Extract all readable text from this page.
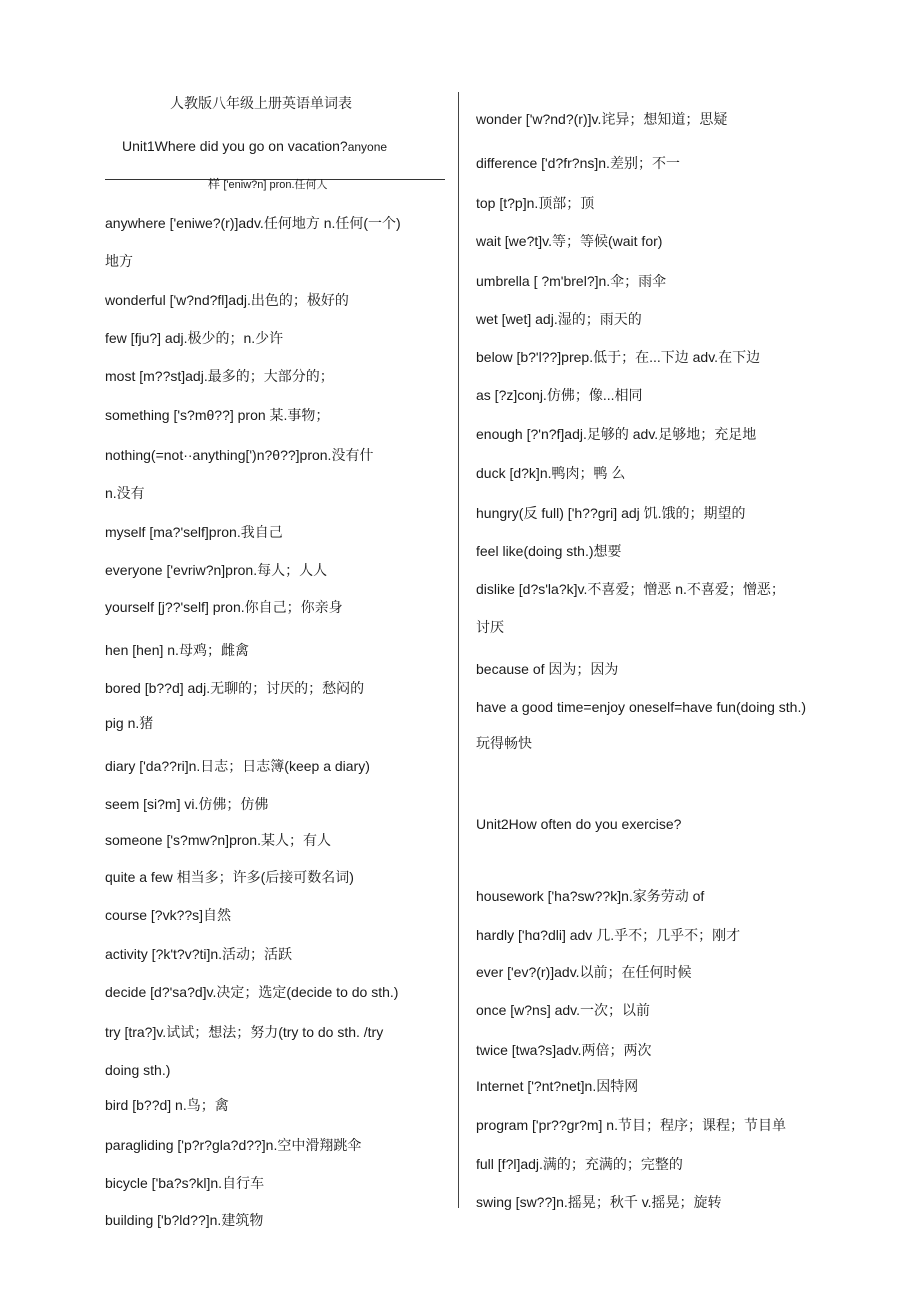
人教版八年级上册英语单词表
Unit1Where did you go on vacation?anyone
样 ['eniw?n] pron.任何人
anywhere ['eniwe?(r)]adv.任何地方 n.任何(一个)
地方
wonderful ['w?nd?fl]adj.出色的；极好的
few [fju?] adj.极少的；n.少许
most [m??st]adj.最多的；大部分的；
something ['s?mθ??] pron 某.事物；
nothing(=not··anything[')n?θ??]pron.没有什
n.没有
myself [ma?'self]pron.我自己
everyone ['evriw?n]pron.每人；人人
yourself [j??'self] pron.你自己；你亲身
hen [hen] n.母鸡；雌禽
bored [b??d] adj.无聊的；讨厌的；愁闷的
pig n.猪
diary ['da??ri]n.日志；日志簿(keep a diary)
seem [si?m] vi.仿佛；仿佛
someone ['s?mw?n]pron.某人；有人
quite a few 相当多；许多(后接可数名词)
course [?vk??s]自然
activity [?k't?v?ti]n.活动；活跃
decide [d?'sa?d]v.决定；选定(decide to do sth.)
try [tra?]v.试试；想法；努力(try to do sth. /try
doing sth.)
bird [b??d] n.鸟；禽
paragliding ['p?r?gla?d??]n.空中滑翔跳伞
bicycle ['ba?s?kl]n.自行车
building ['b?ld??]n.建筑物
wonder ['w?nd?(r)]v.诧异；想知道；思疑
difference ['d?fr?ns]n.差别；不一
top [t?p]n.顶部；顶
wait [we?t]v.等；等候(wait for)
umbrella [ ?m'brel?]n.伞；雨伞
wet [wet] adj.湿的；雨天的
below [b?'l??]prep.低于；在...下边 adv.在下边
as [?z]conj.仿佛；像...相同
enough [?'n?f]adj.足够的 adv.足够地；充足地
duck [d?k]n.鸭肉；鸭 么
hungry(反 full) ['h??gri] adj 饥.饿的；期望的
feel like(doing sth.)想要
dislike [d?s'la?k]v.不喜爱；憎恶 n.不喜爱；憎恶；
讨厌
because of 因为；因为
have a good time=enjoy oneself=have fun(doing sth.)
玩得畅快
Unit2How often do you exercise?
housework ['ha?sw??k]n.家务劳动 of
hardly ['hɑ?dli] adv 几.乎不；几乎不；刚才
ever ['ev?(r)]adv.以前；在任何时候
once [w?ns] adv.一次；以前
twice [twa?s]adv.两倍；两次
Internet ['?nt?net]n.因特网
program ['pr??gr?m] n.节目；程序；课程；节目单
full [f?l]adj.满的；充满的；完整的
swing [sw??]n.摇晃；秋千 v.摇晃；旋转
